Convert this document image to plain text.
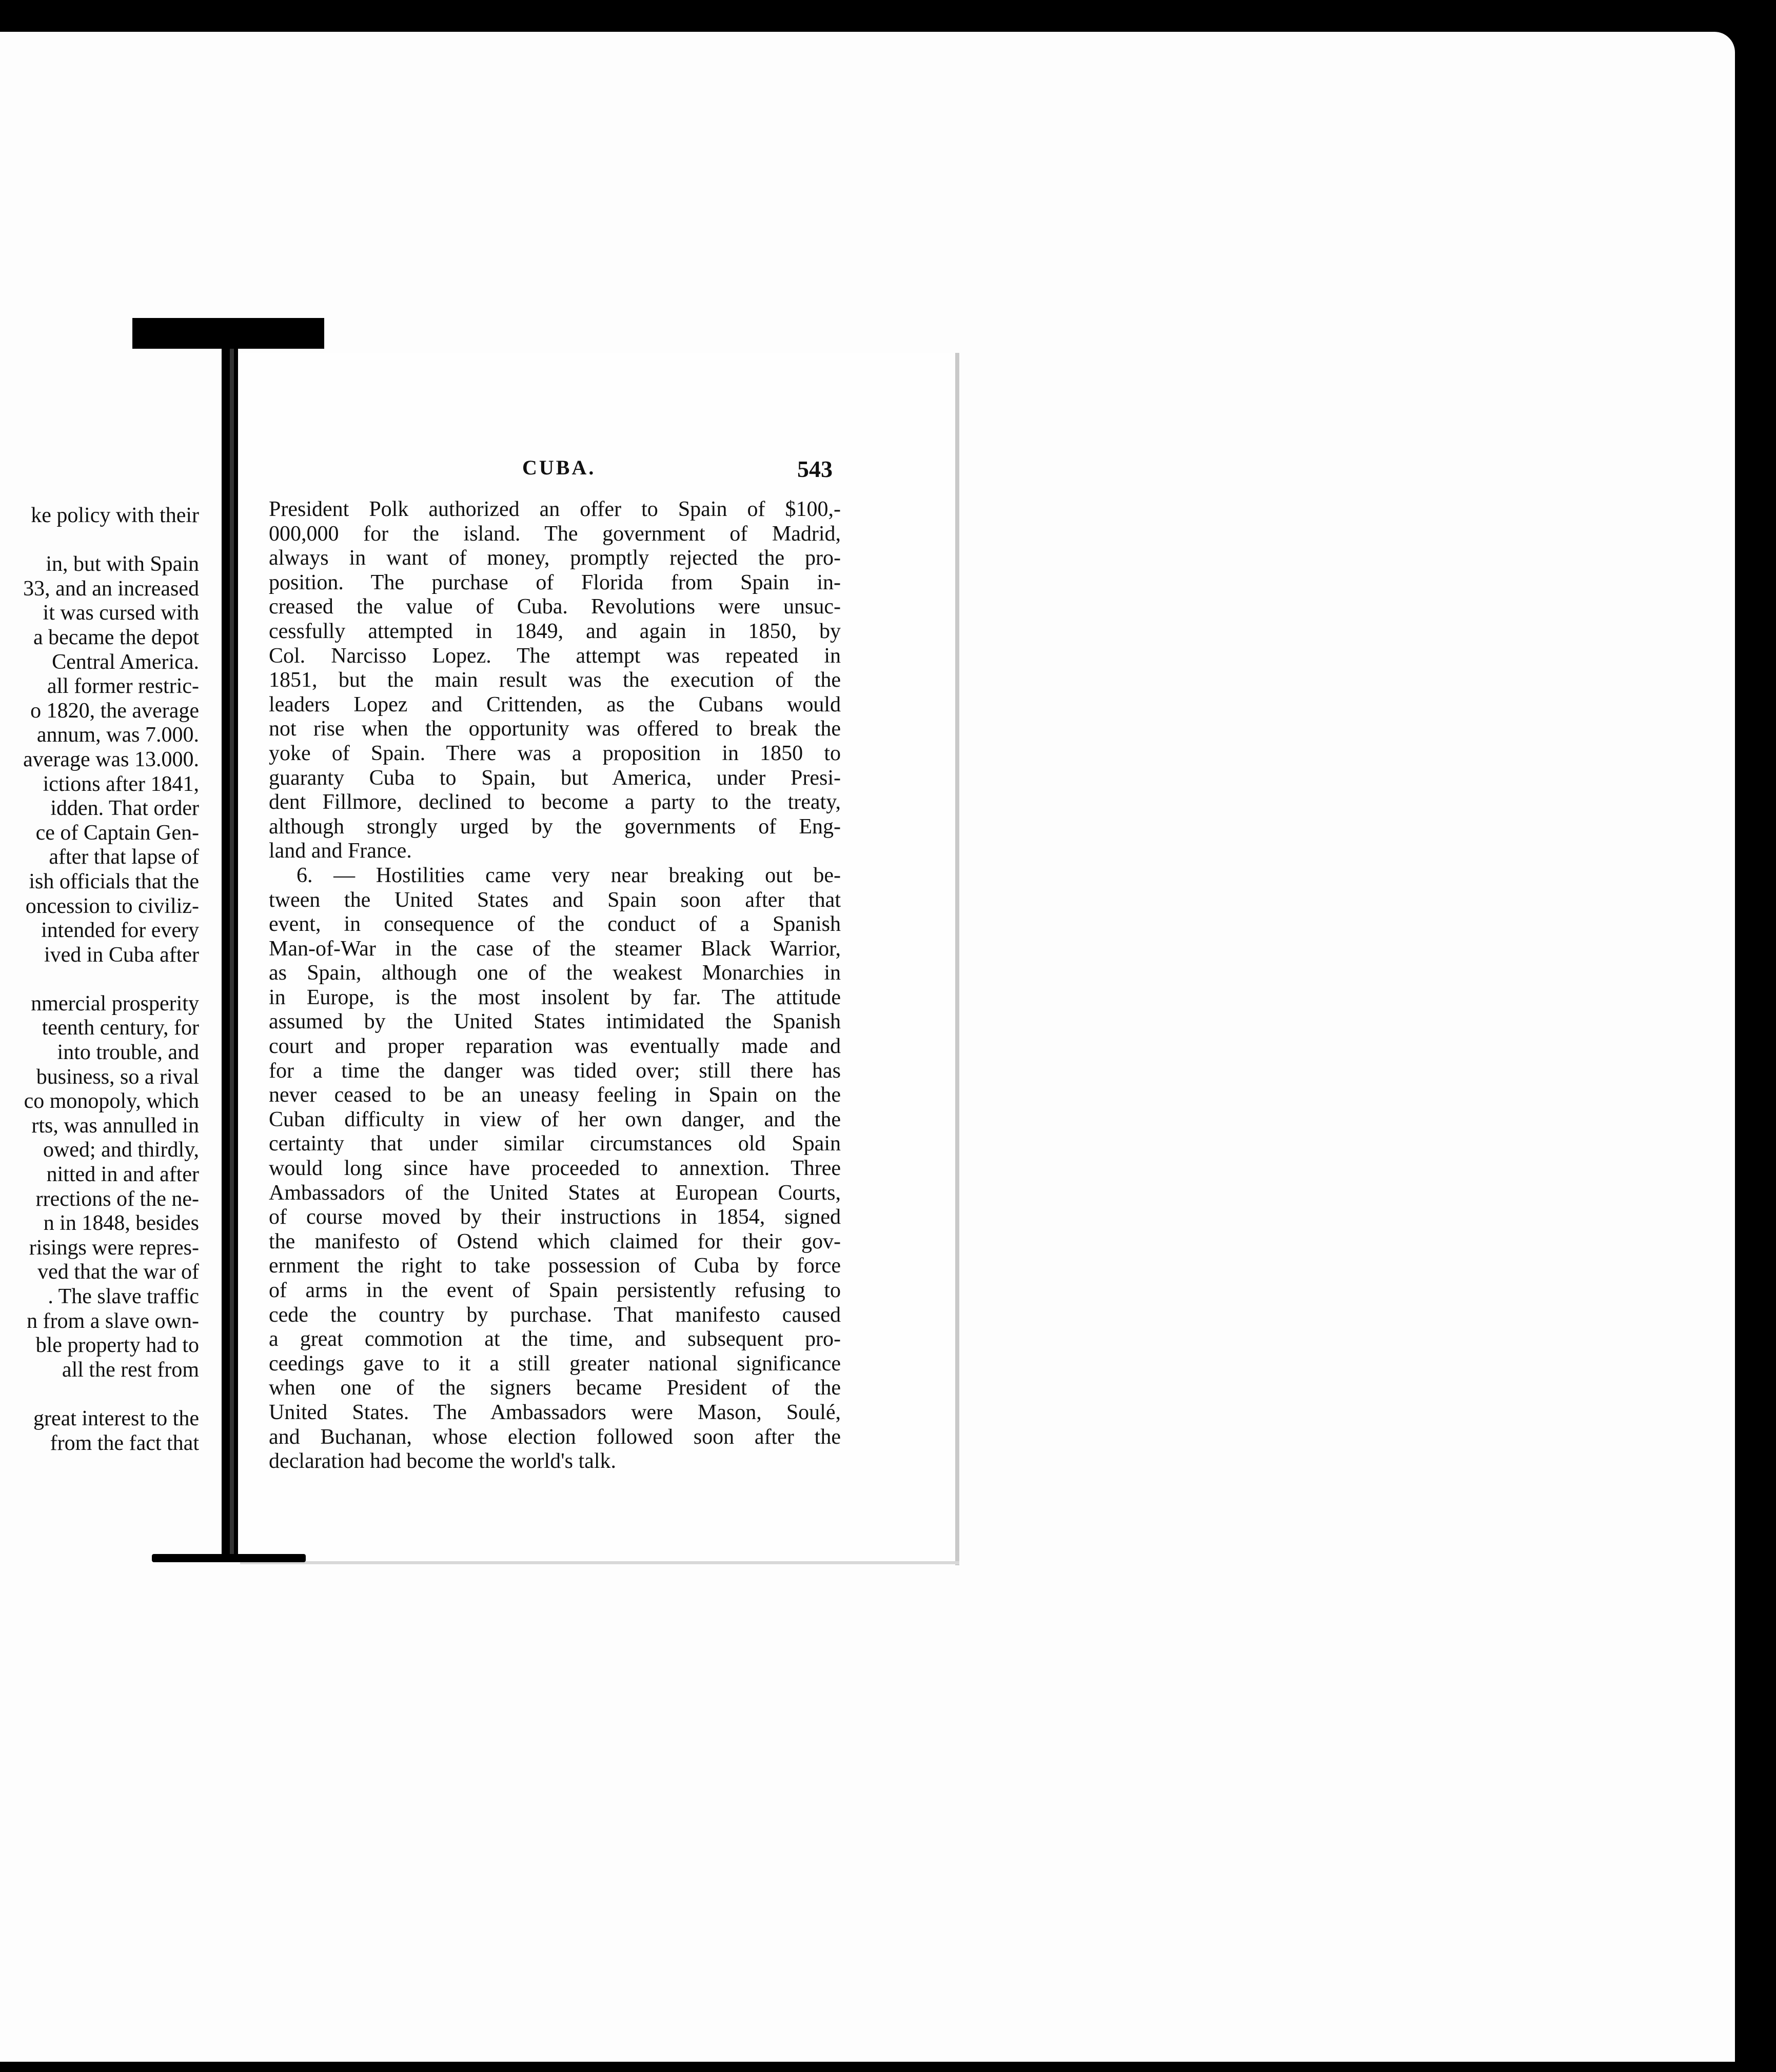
ke policy with their
in, but with Spain
33, and an increased
it was cursed with
a became the depot
Central America.
all former restric-
o 1820, the average
annum, was 7.000.
average was 13.000.
ictions after 1841,
idden. That order
ce of Captain Gen-
after that lapse of
ish officials that the
oncession to civiliz-
intended for every
ived in Cuba after
nmercial prosperity
teenth century, for
into trouble, and
business, so a rival
co monopoly, which
rts, was annulled in
owed; and thirdly,
nitted in and after
rrections of the ne-
n in 1848, besides
risings were repres-
ved that the war of
. The slave traffic
n from a slave own-
ble property had to
all the rest from
great interest to the
from the fact that
CUBA.	543
President Polk authorized an offer to Spain of $100,-
000,000 for the island. The government of Madrid,
always in want of money, promptly rejected the pro-
position. The purchase of Florida from Spain in-
creased the value of Cuba. Revolutions were unsuc-
cessfully attempted in 1849, and again in 1850, by
Col. Narcisso Lopez. The attempt was repeated in
1851, but the main result was the execution of the
leaders Lopez and Crittenden, as the Cubans would
not rise when the opportunity was offered to break the
yoke of Spain. There was a proposition in 1850 to
guaranty Cuba to Spain, but America, under Presi-
dent Fillmore, declined to become a party to the treaty,
although strongly urged by the governments of Eng-
land and France.
6. — Hostilities came very near breaking out be-
tween the United States and Spain soon after that
event, in consequence of the conduct of a Spanish
Man-of-War in the case of the steamer Black Warrior,
as Spain, although one of the weakest Monarchies in
in Europe, is the most insolent by far. The attitude
assumed by the United States intimidated the Spanish
court and proper reparation was eventually made and
for a time the danger was tided over; still there has
never ceased to be an uneasy feeling in Spain on the
Cuban difficulty in view of her own danger, and the
certainty that under similar circumstances old Spain
would long since have proceeded to annextion. Three
Ambassadors of the United States at European Courts,
of course moved by their instructions in 1854, signed
the manifesto of Ostend which claimed for their gov-
ernment the right to take possession of Cuba by force
of arms in the event of Spain persistently refusing to
cede the country by purchase. That manifesto caused
a great commotion at the time, and subsequent pro-
ceedings gave to it a still greater national significance
when one of the signers became President of the
United States. The Ambassadors were Mason, Soulé,
and Buchanan, whose election followed soon after the
declaration had become the world's talk.
